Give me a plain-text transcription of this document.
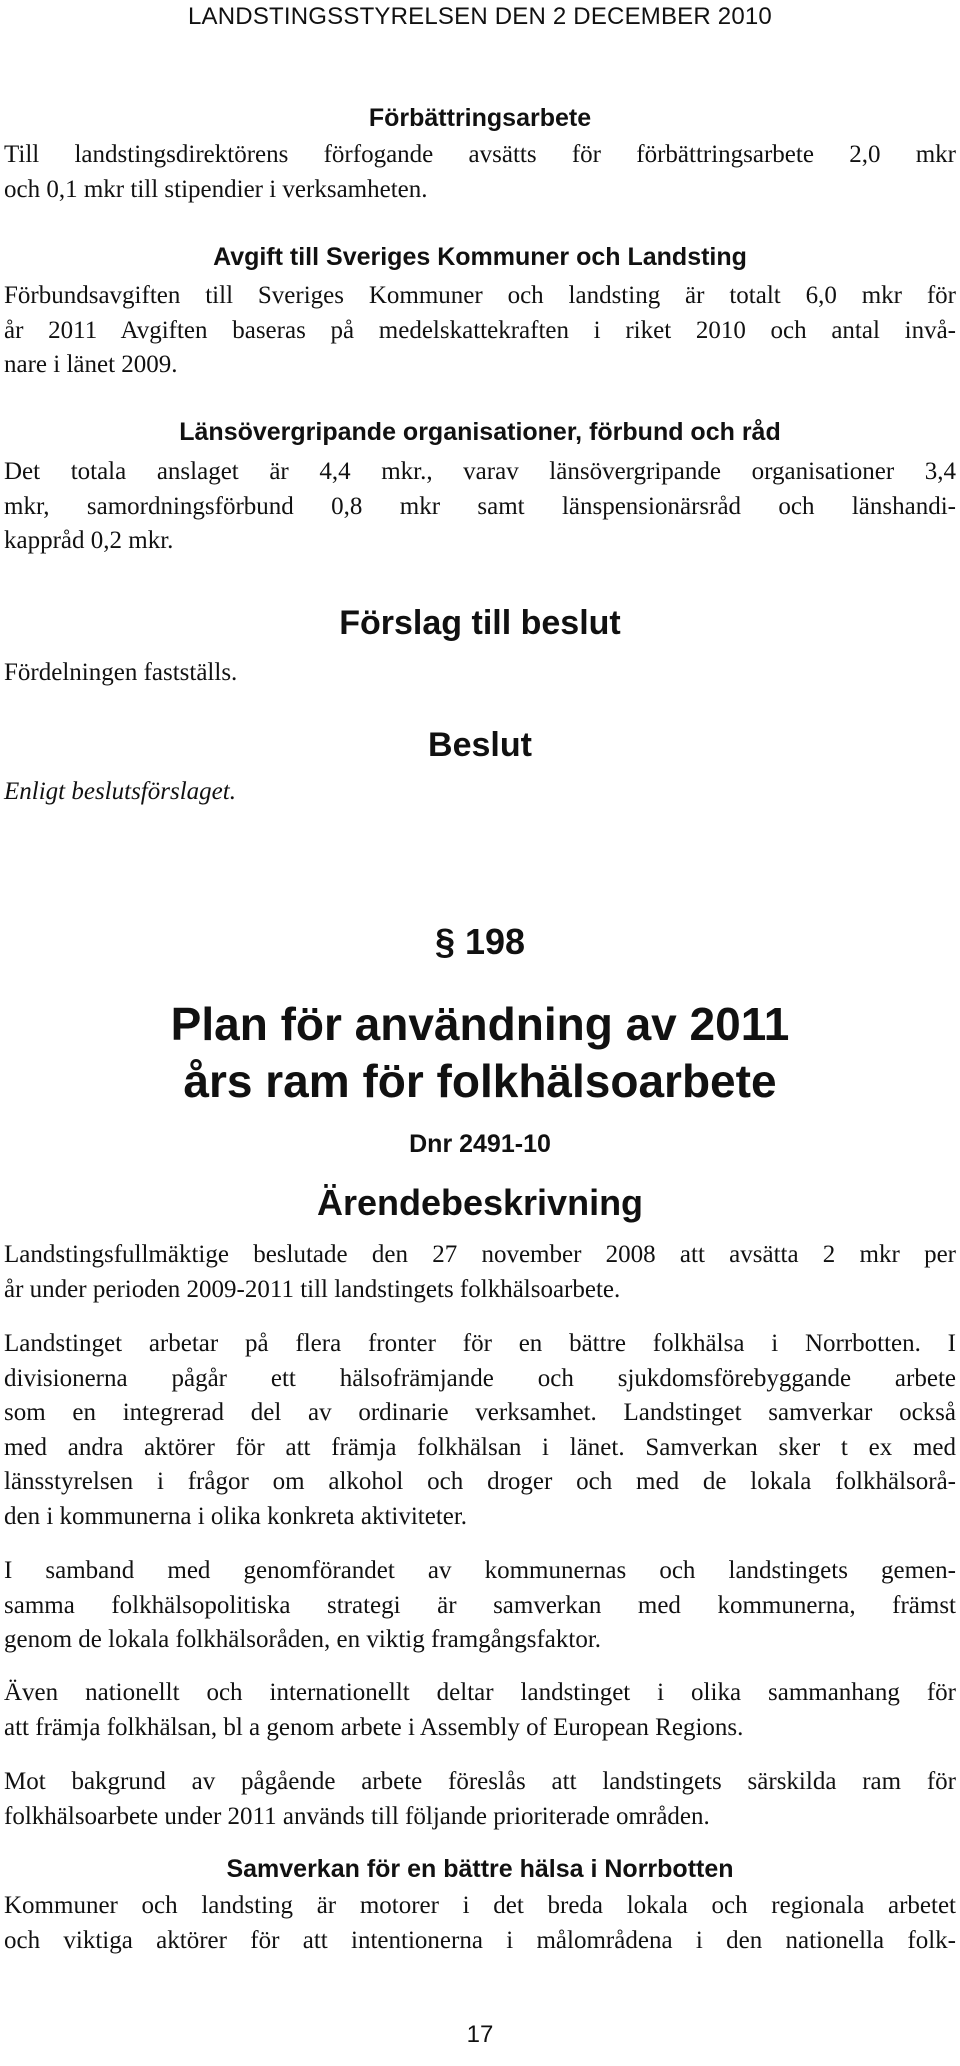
LANDSTINGSSTYRELSEN DEN 2 DECEMBER 2010
Förbättringsarbete

Till landstingsdirektörens förfogande avsätts för förbättringsarbete 2,0 mkr
och 0,1 mkr till stipendier i verksamheten.

Avgift till Sveriges Kommuner och Landsting

Förbundsavgiften till Sveriges Kommuner och landsting är totalt 6,0 mkr för
år 2011 Avgiften baseras på medelskattekraften i riket 2010 och antal invå-
nare i länet 2009.

Länsövergripande organisationer, förbund och råd

Det totala anslaget är 4,4 mkr., varav länsövergripande organisationer 3,4
mkr, samordningsförbund 0,8 mkr samt länspensionärsråd och länshandi-
kappråd 0,2 mkr.

Förslag till beslut

Fördelningen fastställs.

Beslut

Enligt beslutsförslaget.

§ 198
Plan för användning av 2011
års ram för folkhälsoarbete
Dnr 2491-10
Ärendebeskrivning

Landstingsfullmäktige beslutade den 27 november 2008 att avsätta 2 mkr per
år under perioden 2009-2011 till landstingets folkhälsoarbete.

Landstinget arbetar på flera fronter för en bättre folkhälsa i Norrbotten. I
divisionerna pågår ett hälsofrämjande och sjukdomsförebyggande arbete
som en integrerad del av ordinarie verksamhet. Landstinget samverkar också
med andra aktörer för att främja folkhälsan i länet. Samverkan sker t ex med
länsstyrelsen i frågor om alkohol och droger och med de lokala folkhälsorå-
den i kommunerna i olika konkreta aktiviteter.

I samband med genomförandet av kommunernas och landstingets gemen-
samma folkhälsopolitiska strategi är samverkan med kommunerna, främst
genom de lokala folkhälsoråden, en viktig framgångsfaktor.

Även nationellt och internationellt deltar landstinget i olika sammanhang för
att främja folkhälsan, bl a genom arbete i Assembly of European Regions.

Mot bakgrund av pågående arbete föreslås att landstingets särskilda ram för
folkhälsoarbete under 2011 används till följande prioriterade områden.

Samverkan för en bättre hälsa i Norrbotten

Kommuner och landsting är motorer i det breda lokala och regionala arbetet
och viktiga aktörer för att intentionerna i målområdena i den nationella folk-

17
